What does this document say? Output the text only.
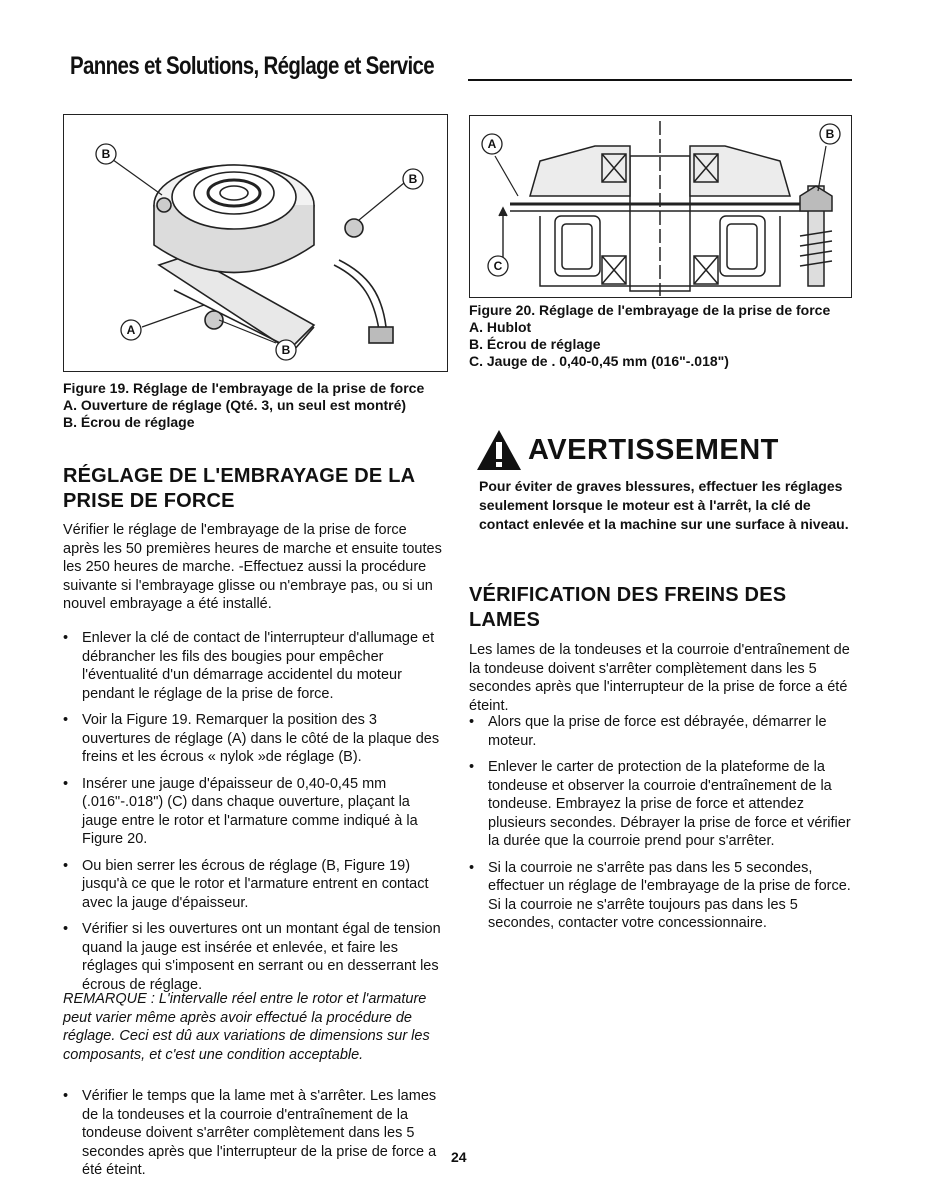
Pannes et Solutions, Réglage et Service
B
B
A
B
Figure 19. Réglage de l'embrayage de la prise de force
A. Ouverture de réglage (Qté. 3, un seul est montré)
B. Écrou de réglage
A
B
C
Figure 20. Réglage de l'embrayage de la prise de force
A. Hublot
B. Écrou de réglage
C. Jauge de . 0,40-0,45 mm (016"-.018")
RÉGLAGE DE L'EMBRAYAGE DE LA PRISE DE FORCE
Vérifier le réglage de l'embrayage de la prise de force après les 50 premières heures de marche et ensuite toutes les 250 heures de marche. -Effectuez aussi la procédure suivante si l'embrayage glisse ou n'embraye pas, ou si un nouvel embrayage a été installé.

• Enlever la clé de contact de l'interrupteur d'allumage et débrancher les fils des bougies pour empêcher l'éventualité d'un démarrage accidentel du moteur pendant le réglage de la prise de force.

• Voir la Figure 19. Remarquer la position des 3 ouvertures de réglage (A) dans le côté de la plaque des freins et les écrous « nylok »de réglage (B).

• Insérer une jauge d'épaisseur de 0,40-0,45 mm (.016"-.018") (C) dans chaque ouverture, plaçant la jauge entre le rotor et l'armature comme indiqué à la Figure 20.

• Ou bien serrer les écrous de réglage (B, Figure 19) jusqu'à ce que le rotor et l'armature entrent en contact avec la jauge d'épaisseur.

• Vérifier si les ouvertures ont un montant égal de tension quand la jauge est insérée et enlevée, et faire les réglages qui s'imposent en serrant ou en desserrant les écrous de réglage.

REMARQUE : L'intervalle réel entre le rotor et l'armature peut varier même après avoir effectué la procédure de réglage. Ceci est dû aux variations de dimensions sur les composants, et c'est une condition acceptable.

• Vérifier le temps que la lame met à s'arrêter. Les lames de la tondeuses et la courroie d'entraînement de la tondeuse doivent s'arrêter complètement dans les 5 secondes après que l'interrupteur de la prise de force a été éteint.

AVERTISSEMENT
Pour éviter de graves blessures, effectuer les réglages seulement lorsque le moteur est à l'arrêt, la clé de contact enlevée et la machine sur une surface à niveau.
VÉRIFICATION DES FREINS DES LAMES
Les lames de la tondeuses et la courroie d'entraînement de la tondeuse doivent s'arrêter complètement dans les 5 secondes après que l'interrupteur de la prise de force a été éteint.

• Alors que la prise de force est débrayée, démarrer le moteur.

• Enlever le carter de protection de la plateforme de la tondeuse et observer la courroie d'entraînement de la tondeuse. Embrayez la prise de force et attendez plusieurs secondes. Débrayer la prise de force et vérifier la durée que la courroie prend pour s'arrêter.

• Si la courroie ne s'arrête pas dans les 5 secondes, effectuer un réglage de l'embrayage de la prise de force. Si la courroie ne s'arrête toujours pas dans les 5 secondes, contacter votre concessionnaire.

24
